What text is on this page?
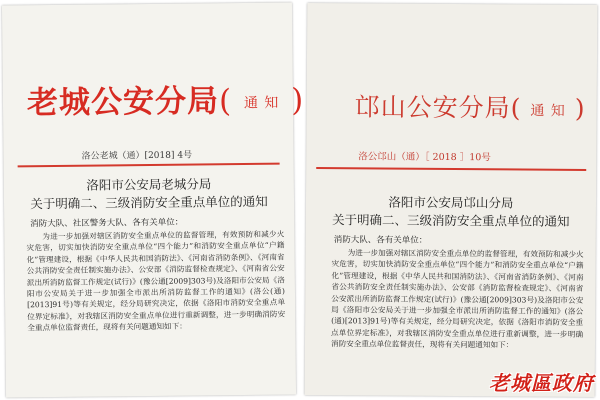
老城公安分局( 通 知 )
洛公老城（通）[2018] 4号
洛阳市公安局老城分局
关于明确二、三级消防安全重点单位的通知
消防大队、社区警务大队、各有关单位：
为进一步加强对辖区消防安全重点单位的监督管理，有效预防和减少火灾危害，切实加快消防安全重点单位“四个能力”和消防安全重点单位“户籍化”管理建设，根据《中华人民共和国消防法》、《河南省消防条例》、《河南省公共消防安全责任制实施办法》、公安部《消防监督检查规定》、《河南省公安派出所消防监督工作规定(试行)》(豫公通[2009]303号)及洛阳市公安局《洛阳市公安局关于进一步加强全市派出所消防监督工作的通知》(洛公(通)[2013]91号)等有关规定，经分局研究决定，依据《洛阳市消防安全重点单位界定标准》，对我辖区消防安全重点单位进行重新调整，进一步明确消防安全重点单位监督责任，现将有关问题通知如下：
邙山公安分局( 通 知 )
洛公邙山（通）［ 2018 ］10号
洛阳市公安局邙山分局
关于明确二、三级消防安全重点单位的通知
消防大队、各有关单位：
为进一步加强对辖区消防安全重点单位的监督管理，有效预防和减少火灾危害，切实加快消防安全重点单位“四个能力”和消防安全重点单位“户籍化”管理建设，根据《中华人民共和国消防法》、《河南省消防条例》、《河南省公共消防安全责任制实施办法》、公安部《消防监督检查规定》、《河南省公安派出所消防监督工作规定(试行)》(豫公通[2009]303号)及洛阳市公安局《洛阳市公安局关于进一步加强全市派出所消防监督工作的通知》(洛公(通)[2013]91号)等有关规定，经分局研究决定，依据《洛阳市消防安全重点单位界定标准》，对我辖区消防安全重点单位进行重新调整，进一步明确消防安全重点单位监督责任，现将有关问题通知如下：
老城區政府
